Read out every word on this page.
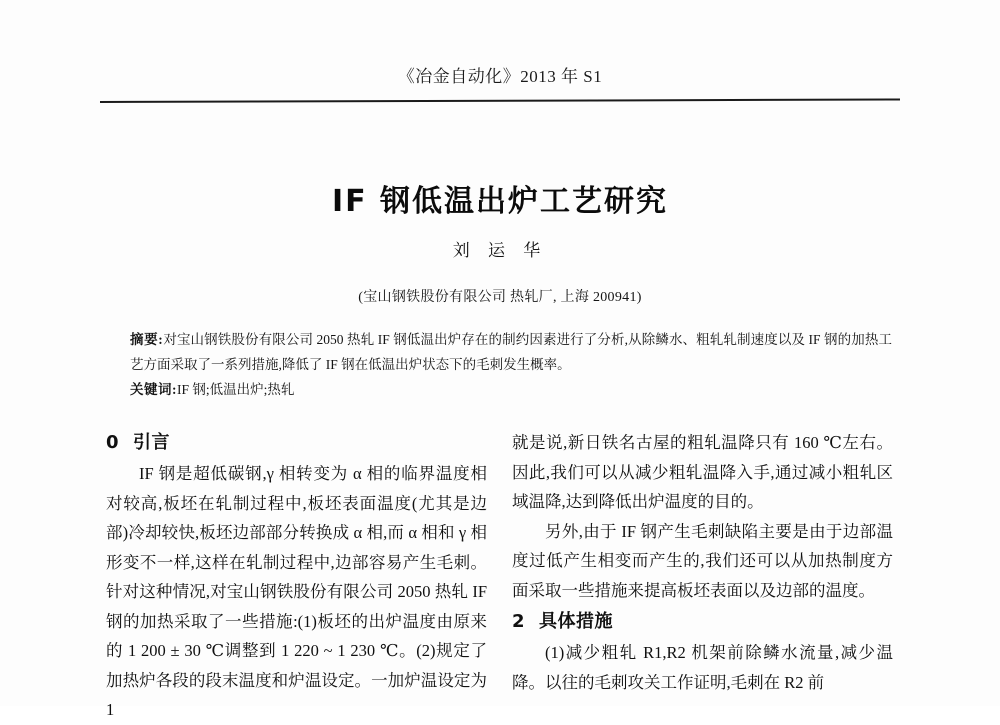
《冶金自动化》2013 年 S1
IF 钢低温出炉工艺研究
刘 运 华
(宝山钢铁股份有限公司 热轧厂, 上海 200941)
摘要:对宝山钢铁股份有限公司 2050 热轧 IF 钢低温出炉存在的制约因素进行了分析,从除鳞水、粗轧轧制速度以及 IF 钢的加热工艺方面采取了一系列措施,降低了 IF 钢在低温出炉状态下的毛刺发生概率。
关键词:IF 钢;低温出炉;热轧
0 引言

IF 钢是超低碳钢,γ 相转变为 α 相的临界温度相对较高,板坯在轧制过程中,板坯表面温度(尤其是边部)冷却较快,板坯边部部分转换成 α 相,而 α 相和 γ 相形变不一样,这样在轧制过程中,边部容易产生毛刺。针对这种情况,对宝山钢铁股份有限公司 2050 热轧 IF 钢的加热采取了一些措施:(1)板坯的出炉温度由原来的 1 200 ± 30 ℃调整到 1 220 ~ 1 230 ℃。(2)规定了加热炉各段的段末温度和炉温设定。一加炉温设定为 1

就是说,新日铁名古屋的粗轧温降只有 160 ℃左右。因此,我们可以从减少粗轧温降入手,通过减小粗轧区域温降,达到降低出炉温度的目的。

另外,由于 IF 钢产生毛刺缺陷主要是由于边部温度过低产生相变而产生的,我们还可以从加热制度方面采取一些措施来提高板坯表面以及边部的温度。

2 具体措施

(1)减少粗轧 R1,R2 机架前除鳞水流量,减少温降。以往的毛刺攻关工作证明,毛刺在 R2 前
